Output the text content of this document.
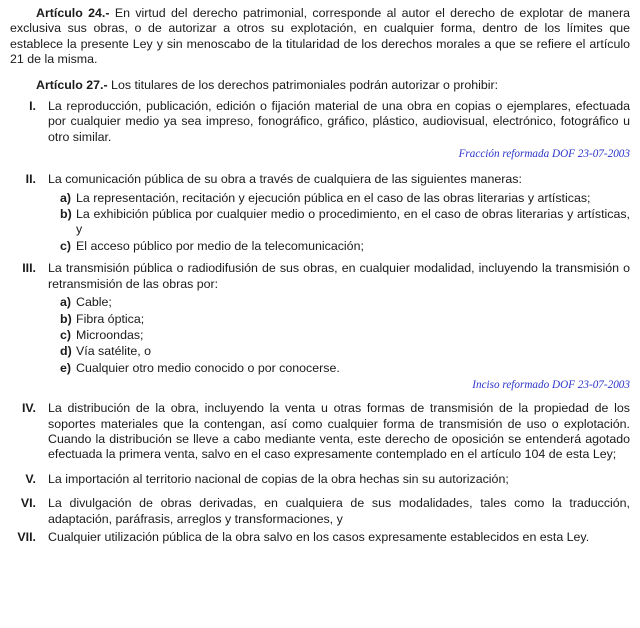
Artículo 24.- En virtud del derecho patrimonial, corresponde al autor el derecho de explotar de manera exclusiva sus obras, o de autorizar a otros su explotación, en cualquier forma, dentro de los límites que establece la presente Ley y sin menoscabo de la titularidad de los derechos morales a que se refiere el artículo 21 de la misma.

Artículo 27.- Los titulares de los derechos patrimoniales podrán autorizar o prohibir:

I. La reproducción, publicación, edición o fijación material de una obra en copias o ejemplares, efectuada por cualquier medio ya sea impreso, fonográfico, gráfico, plástico, audiovisual, electrónico, fotográfico u otro similar.
Fracción reformada DOF 23-07-2003
II. La comunicación pública de su obra a través de cualquiera de las siguientes maneras:
a) La representación, recitación y ejecución pública en el caso de las obras literarias y artísticas;
b) La exhibición pública por cualquier medio o procedimiento, en el caso de obras literarias y artísticas, y
c) El acceso público por medio de la telecomunicación;
III. La transmisión pública o radiodifusión de sus obras, en cualquier modalidad, incluyendo la transmisión o retransmisión de las obras por:
a) Cable;
b) Fibra óptica;
c) Microondas;
d) Vía satélite, o
e) Cualquier otro medio conocido o por conocerse.
Inciso reformado DOF 23-07-2003
IV. La distribución de la obra, incluyendo la venta u otras formas de transmisión de la propiedad de los soportes materiales que la contengan, así como cualquier forma de transmisión de uso o explotación. Cuando la distribución se lleve a cabo mediante venta, este derecho de oposición se entenderá agotado efectuada la primera venta, salvo en el caso expresamente contemplado en el artículo 104 de esta Ley;
V. La importación al territorio nacional de copias de la obra hechas sin su autorización;
VI. La divulgación de obras derivadas, en cualquiera de sus modalidades, tales como la traducción, adaptación, paráfrasis, arreglos y transformaciones, y
VII. Cualquier utilización pública de la obra salvo en los casos expresamente establecidos en esta Ley.
